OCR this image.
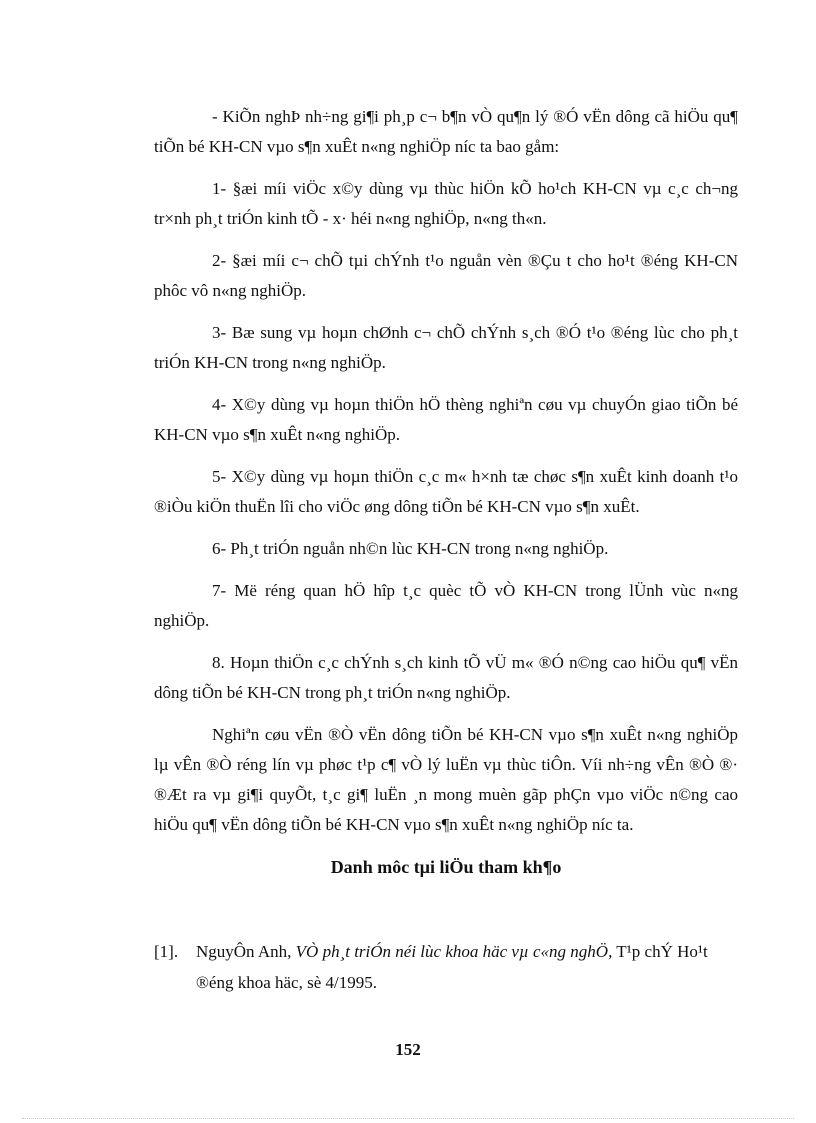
- KiÕn nghÞ nh÷ng gi¶i ph¸p c¬ b¶n vÒ qu¶n lý ®Ó vËn dông cã hiÖu qu¶ tiÕn bé KH-CN vµo s¶n xuÊt n«ng nghiÖp níc ta bao gåm:

1- §æi míi viÖc x©y dùng vµ thùc hiÖn kÕ ho¹ch KH-CN vµ c¸c ch¬ng tr×nh ph¸t triÓn kinh tÕ - x· héi n«ng nghiÖp, n«ng th«n.

2- §æi míi c¬ chÕ tµi chÝnh t¹o nguån vèn ®Çu t cho ho¹t ®éng KH-CN phôc vô n«ng nghiÖp.

3- Bæ sung vµ hoµn chØnh c¬ chÕ chÝnh s¸ch ®Ó t¹o ®éng lùc cho ph¸t triÓn KH-CN trong n«ng nghiÖp.

4- X©y dùng vµ hoµn thiÖn hÖ thèng nghiªn cøu vµ chuyÓn giao tiÕn bé KH-CN vµo s¶n xuÊt n«ng nghiÖp.

5- X©y dùng vµ hoµn thiÖn c¸c m« h×nh tæ chøc s¶n xuÊt kinh doanh t¹o ®iÒu kiÖn thuËn lîi cho viÖc øng dông tiÕn bé KH-CN vµo s¶n xuÊt.

6- Ph¸t triÓn nguån nh©n lùc KH-CN trong n«ng nghiÖp.

7- Më réng quan hÖ hîp t¸c quèc tÕ vÒ KH-CN trong lÜnh vùc n«ng nghiÖp.

8. Hoµn thiÖn c¸c chÝnh s¸ch kinh tÕ vÜ m« ®Ó n©ng cao hiÖu qu¶ vËn dông tiÕn bé KH-CN trong ph¸t triÓn n«ng nghiÖp.

Nghiªn cøu vËn ®Ò vËn dông tiÕn bé KH-CN vµo s¶n xuÊt n«ng nghiÖp lµ vÊn ®Ò réng lín vµ phøc t¹p c¶ vÒ lý luËn vµ thùc tiÔn. Víi nh÷ng vÊn ®Ò ®· ®Æt ra vµ gi¶i quyÕt, t¸c gi¶ luËn ¸n mong muèn gãp phÇn vµo viÖc n©ng cao hiÖu qu¶ vËn dông tiÕn bé KH-CN vµo s¶n xuÊt n«ng nghiÖp níc ta.

Danh môc tµi liÖu tham kh¶o

[1]. NguyÔn Anh, VÒ ph¸t triÓn néi lùc khoa häc vµ c«ng nghÖ, T¹p chÝ Ho¹t ®éng khoa häc, sè 4/1995.

152
